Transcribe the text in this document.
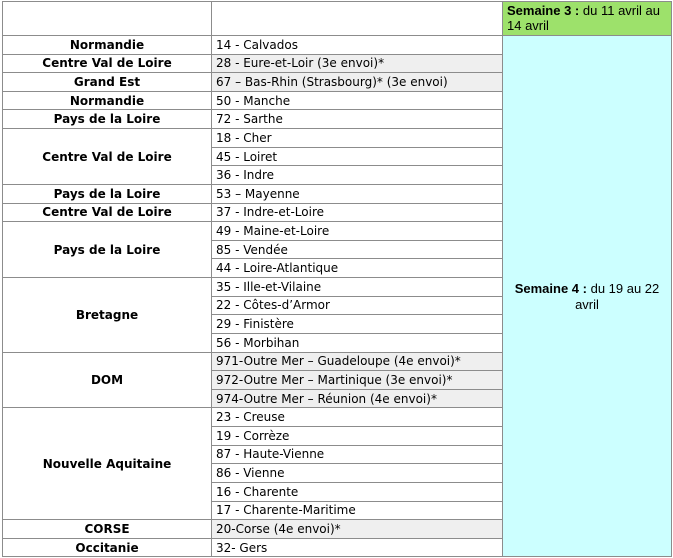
Semaine 3 : du 11 avril au 14 avril
Semaine 4 : du 19 au 22 avril
14 - Calvados
28 - Eure-et-Loir (3e envoi)*
67 – Bas-Rhin (Strasbourg)* (3e envoi)
50 - Manche
72 - Sarthe
18 - Cher
45 - Loiret
36 - Indre
53 – Mayenne
37 - Indre-et-Loire
49 - Maine-et-Loire
85 - Vendée
44 - Loire-Atlantique
35 - Ille-et-Vilaine
22 - Côtes-d’Armor
29 - Finistère
56 - Morbihan
971-Outre Mer – Guadeloupe (4e envoi)*
972-Outre Mer – Martinique (3e envoi)*
974-Outre Mer – Réunion (4e envoi)*
23 - Creuse
19 - Corrèze
87 - Haute-Vienne
86 - Vienne
16 - Charente
17 - Charente-Maritime
20-Corse (4e envoi)*
32- Gers
Normandie
Centre Val de Loire
Grand Est
Normandie
Pays de la Loire
Centre Val de Loire
Pays de la Loire
Centre Val de Loire
Pays de la Loire
Bretagne
DOM
Nouvelle Aquitaine
CORSE
Occitanie
